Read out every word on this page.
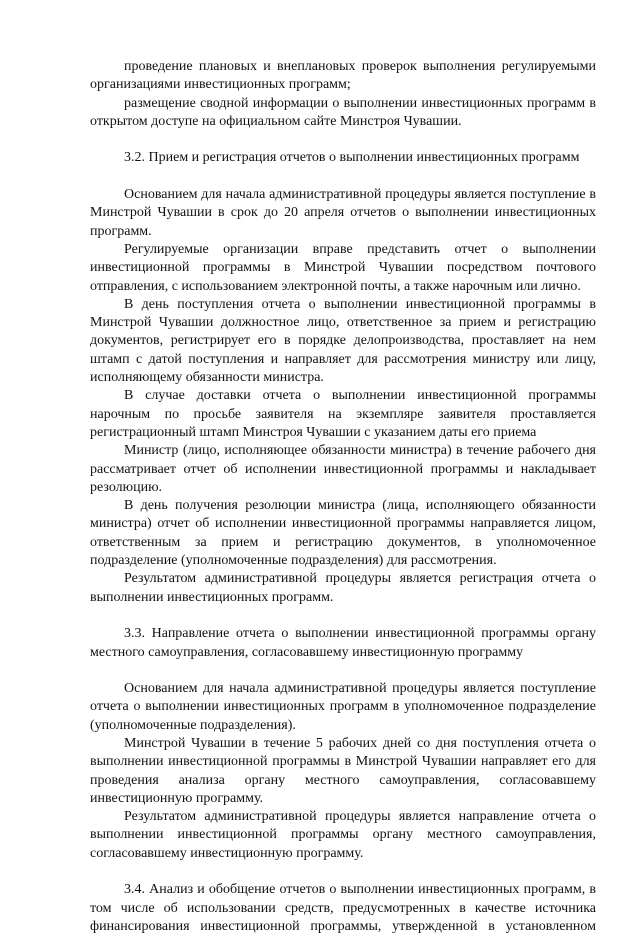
проведение плановых и внеплановых проверок выполнения регулируемыми организациями инвестиционных программ;

размещение сводной информации о выполнении инвестиционных программ в открытом доступе на официальном сайте Минстроя Чувашии.

3.2. Прием и регистрация отчетов о выполнении инвестиционных программ

Основанием для начала административной процедуры является поступление в Минстрой Чувашии в срок до 20 апреля отчетов о выполнении инвестиционных программ.

Регулируемые организации вправе представить отчет о выполнении инвестиционной программы в Минстрой Чувашии посредством почтового отправления, с использованием электронной почты, а также нарочным или лично.

В день поступления отчета о выполнении инвестиционной программы в Минстрой Чувашии должностное лицо, ответственное за прием и регистрацию документов, регистрирует его в порядке делопроизводства, проставляет на нем штамп с датой поступления и направляет для рассмотрения министру или лицу, исполняющему обязанности министра.

В случае доставки отчета о выполнении инвестиционной программы нарочным по просьбе заявителя на экземпляре заявителя проставляется регистрационный штамп Минстроя Чувашии с указанием даты его приема

Министр (лицо, исполняющее обязанности министра) в течение рабочего дня рассматривает отчет об исполнении инвестиционной программы и накладывает резолюцию.

В день получения резолюции министра (лица, исполняющего обязанности министра) отчет об исполнении инвестиционной программы направляется лицом, ответственным за прием и регистрацию документов, в уполномоченное подразделение (уполномоченные подразделения) для рассмотрения.

Результатом административной процедуры является регистрация отчета о выполнении инвестиционных программ.

3.3. Направление отчета о выполнении инвестиционной программы органу местного самоуправления, согласовавшему инвестиционную программу

Основанием для начала административной процедуры является поступление отчета о выполнении инвестиционных программ в уполномоченное подразделение (уполномоченные подразделения).

Минстрой Чувашии в течение 5 рабочих дней со дня поступления отчета о выполнении инвестиционной программы в Минстрой Чувашии направляет его для проведения анализа органу местного самоуправления, согласовавшему инвестиционную программу.

Результатом административной процедуры является направление отчета о выполнении инвестиционной программы органу местного самоуправления, согласовавшему инвестиционную программу.

3.4. Анализ и обобщение отчетов о выполнении инвестиционных программ, в том числе об использовании средств, предусмотренных в качестве источника финансирования инвестиционной программы, утвержденной в установленном
